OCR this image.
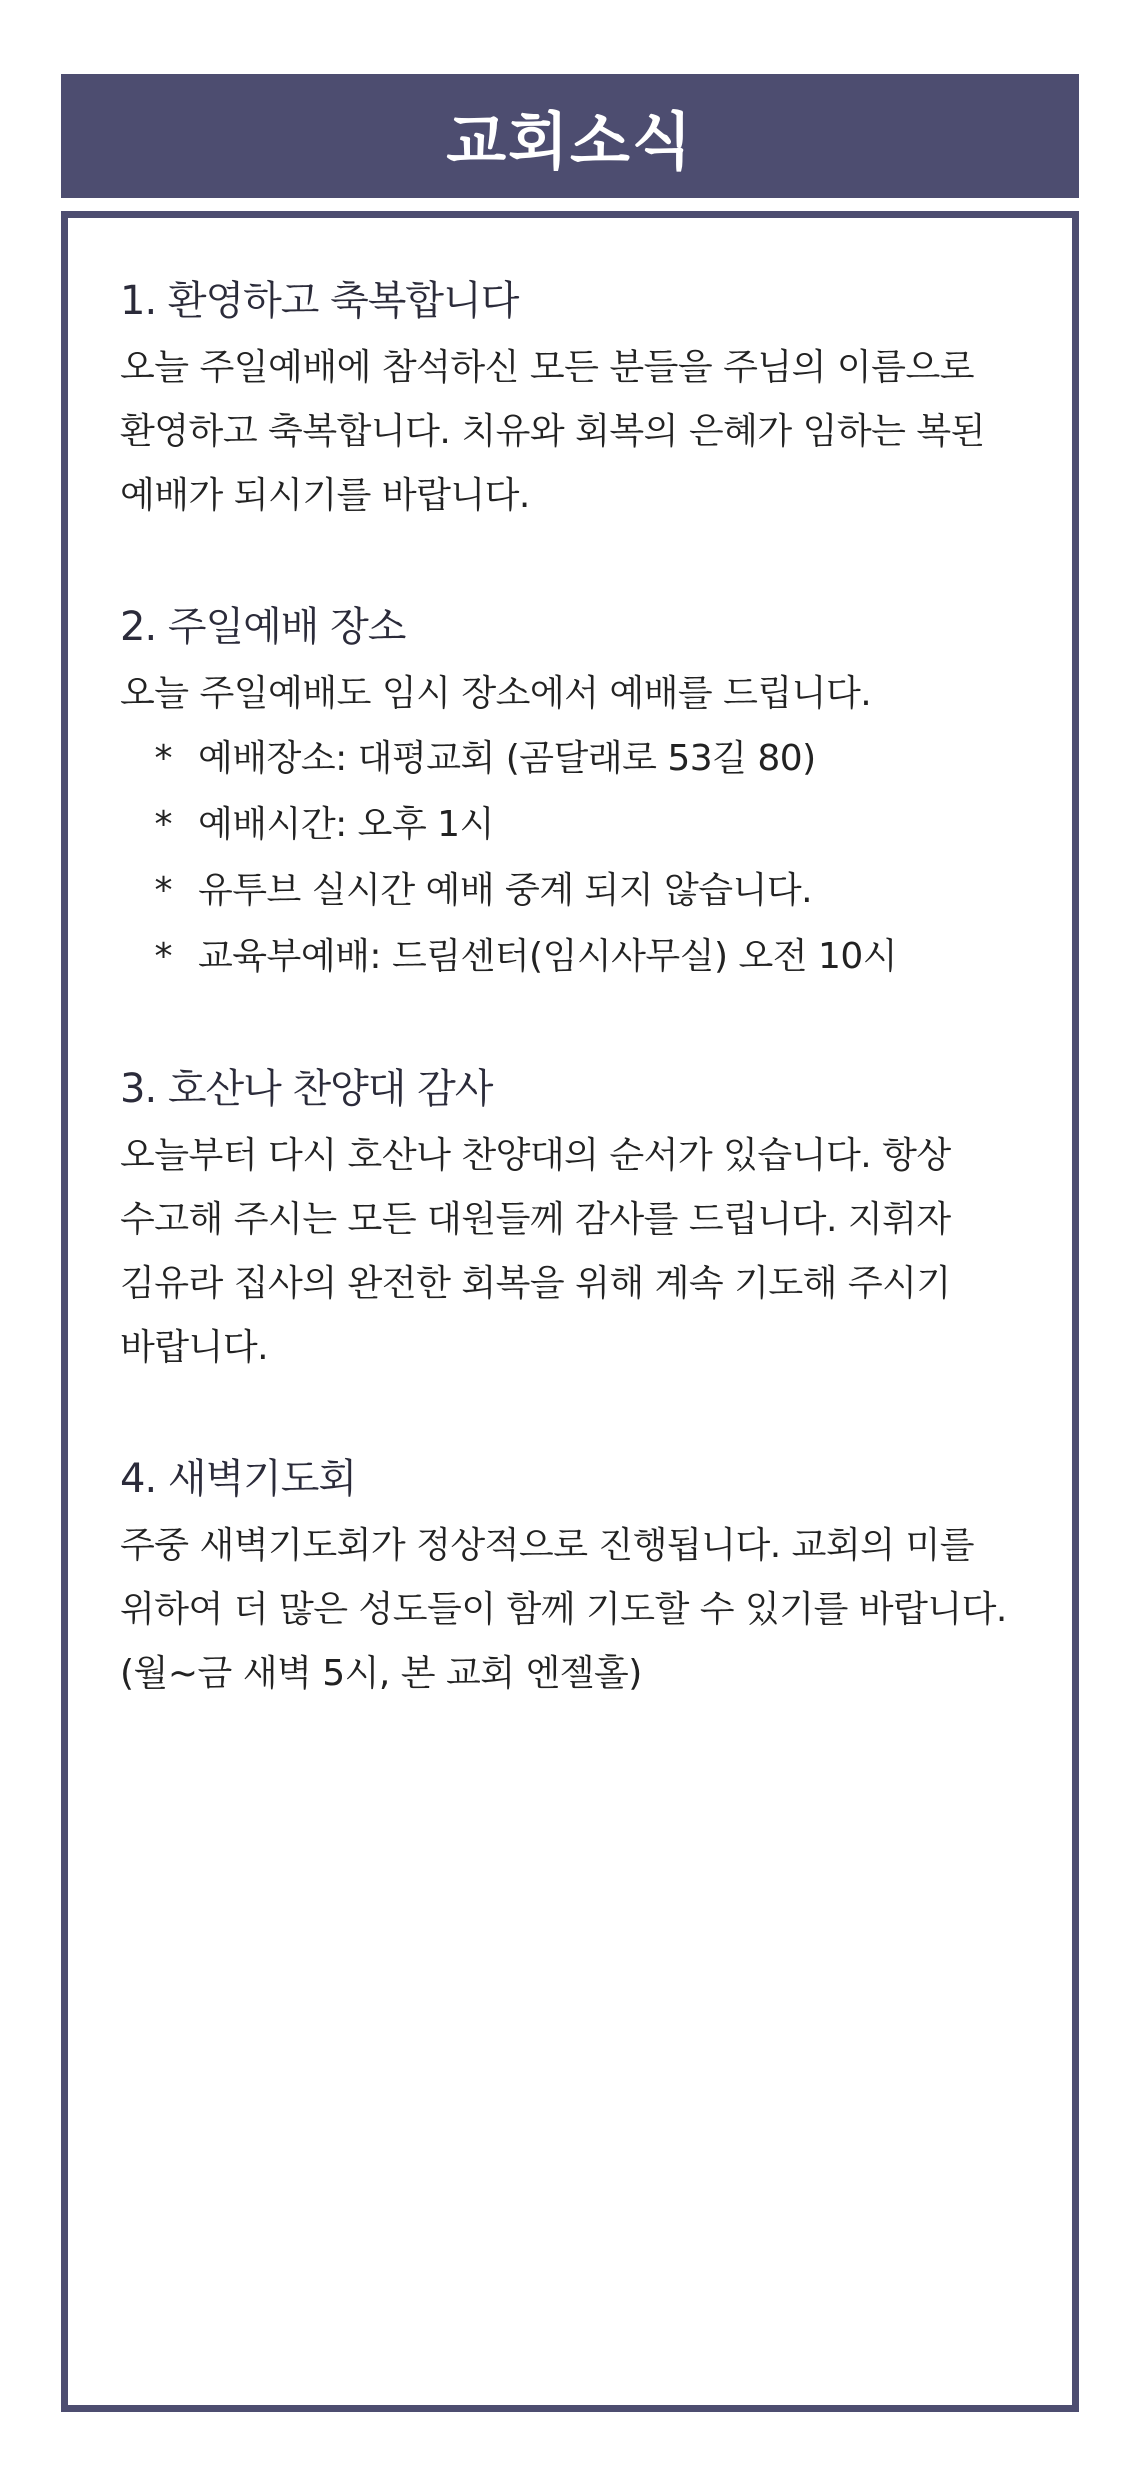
교회소식
1. 환영하고 축복합니다

오늘 주일예배에 참석하신 모든 분들을 주님의 이름으로 환영하고 축복합니다. 치유와 회복의 은혜가 임하는 복된 예배가 되시기를 바랍니다.

2. 주일예배 장소

오늘 주일예배도 임시 장소에서 예배를 드립니다.

* 예배장소: 대평교회 (곰달래로 53길 80)
* 예배시간: 오후 1시
* 유투브 실시간 예배 중계 되지 않습니다.
* 교육부예배: 드림센터(임시사무실) 오전 10시
3. 호산나 찬양대 감사

오늘부터 다시 호산나 찬양대의 순서가 있습니다. 항상 수고해 주시는 모든 대원들께 감사를 드립니다. 지휘자 김유라 집사의 완전한 회복을 위해 계속 기도해 주시기 바랍니다.

4. 새벽기도회

주중 새벽기도회가 정상적으로 진행됩니다. 교회의 미를 위하여 더 많은 성도들이 함께 기도할 수 있기를 바랍니다. (월~금 새벽 5시, 본 교회 엔젤홀)
